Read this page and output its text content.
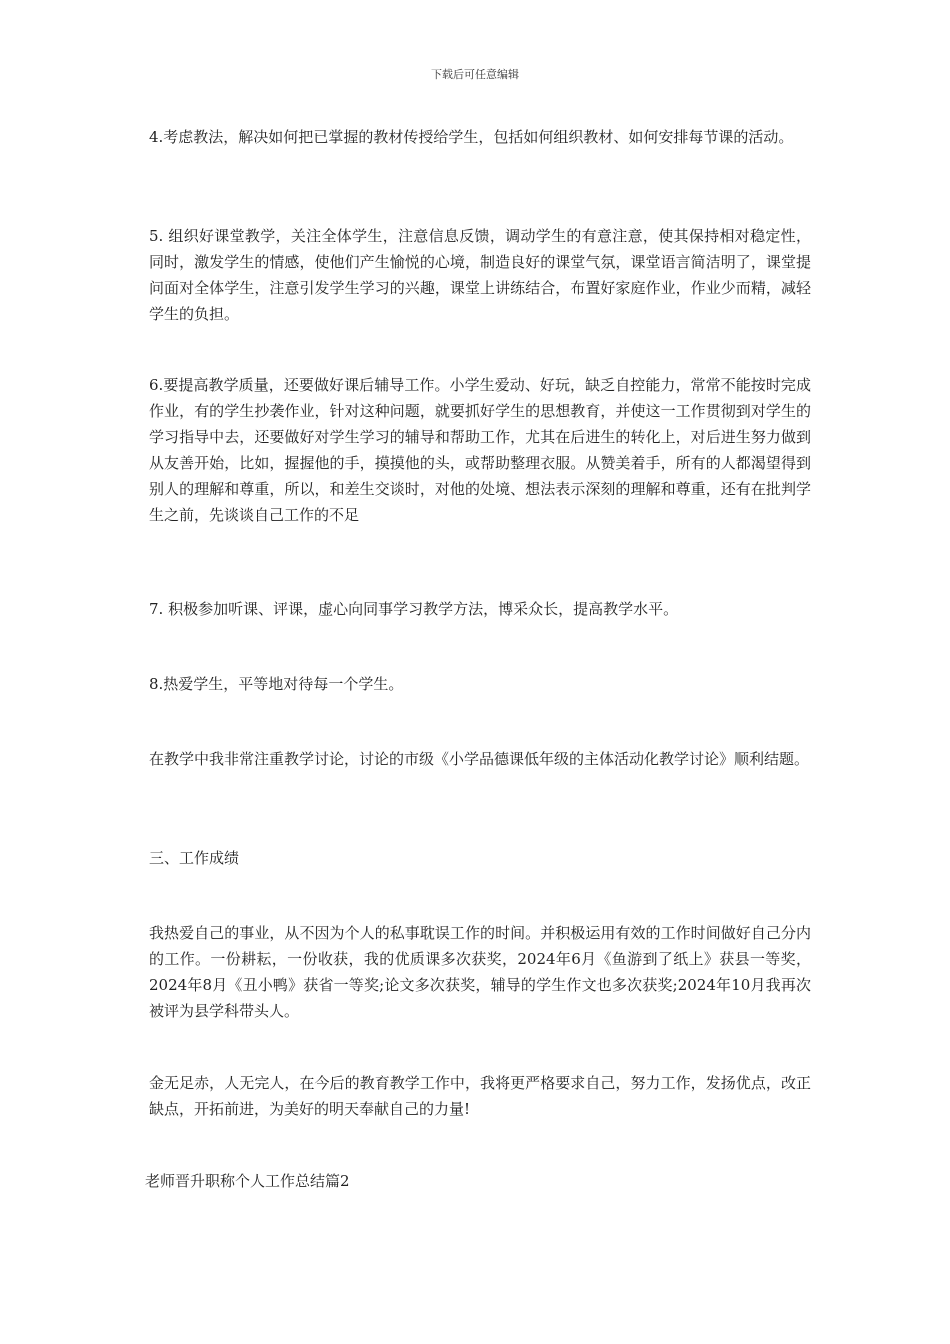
下载后可任意编辑
4.考虑教法，解决如何把已掌握的教材传授给学生，包括如何组织教材、如何安排每节课的活动。
5. 组织好课堂教学，关注全体学生，注意信息反馈，调动学生的有意注意，使其保持相对稳定性，同时，激发学生的情感，使他们产生愉悦的心境，制造良好的课堂气氛，课堂语言简洁明了，课堂提问面对全体学生，注意引发学生学习的兴趣，课堂上讲练结合，布置好家庭作业，作业少而精，减轻学生的负担。
6.要提高教学质量，还要做好课后辅导工作。小学生爱动、好玩，缺乏自控能力，常常不能按时完成作业，有的学生抄袭作业，针对这种问题，就要抓好学生的思想教育，并使这一工作贯彻到对学生的学习指导中去，还要做好对学生学习的辅导和帮助工作，尤其在后进生的转化上，对后进生努力做到从友善开始，比如，握握他的手，摸摸他的头，或帮助整理衣服。从赞美着手，所有的人都渴望得到别人的理解和尊重，所以，和差生交谈时，对他的处境、想法表示深刻的理解和尊重，还有在批判学生之前，先谈谈自己工作的不足
7. 积极参加听课、评课，虚心向同事学习教学方法，博采众长，提高教学水平。
8.热爱学生，平等地对待每一个学生。
在教学中我非常注重教学讨论，讨论的市级《小学品德课低年级的主体活动化教学讨论》顺利结题。
三、工作成绩
我热爱自己的事业，从不因为个人的私事耽误工作的时间。并积极运用有效的工作时间做好自己分内的工作。一份耕耘，一份收获，我的优质课多次获奖，2024年6月《鱼游到了纸上》获县一等奖，2024年8月《丑小鸭》获省一等奖;论文多次获奖，辅导的学生作文也多次获奖;2024年10月我再次被评为县学科带头人。
金无足赤，人无完人，在今后的教育教学工作中，我将更严格要求自己，努力工作，发扬优点，改正缺点，开拓前进，为美好的明天奉献自己的力量!
老师晋升职称个人工作总结篇2
